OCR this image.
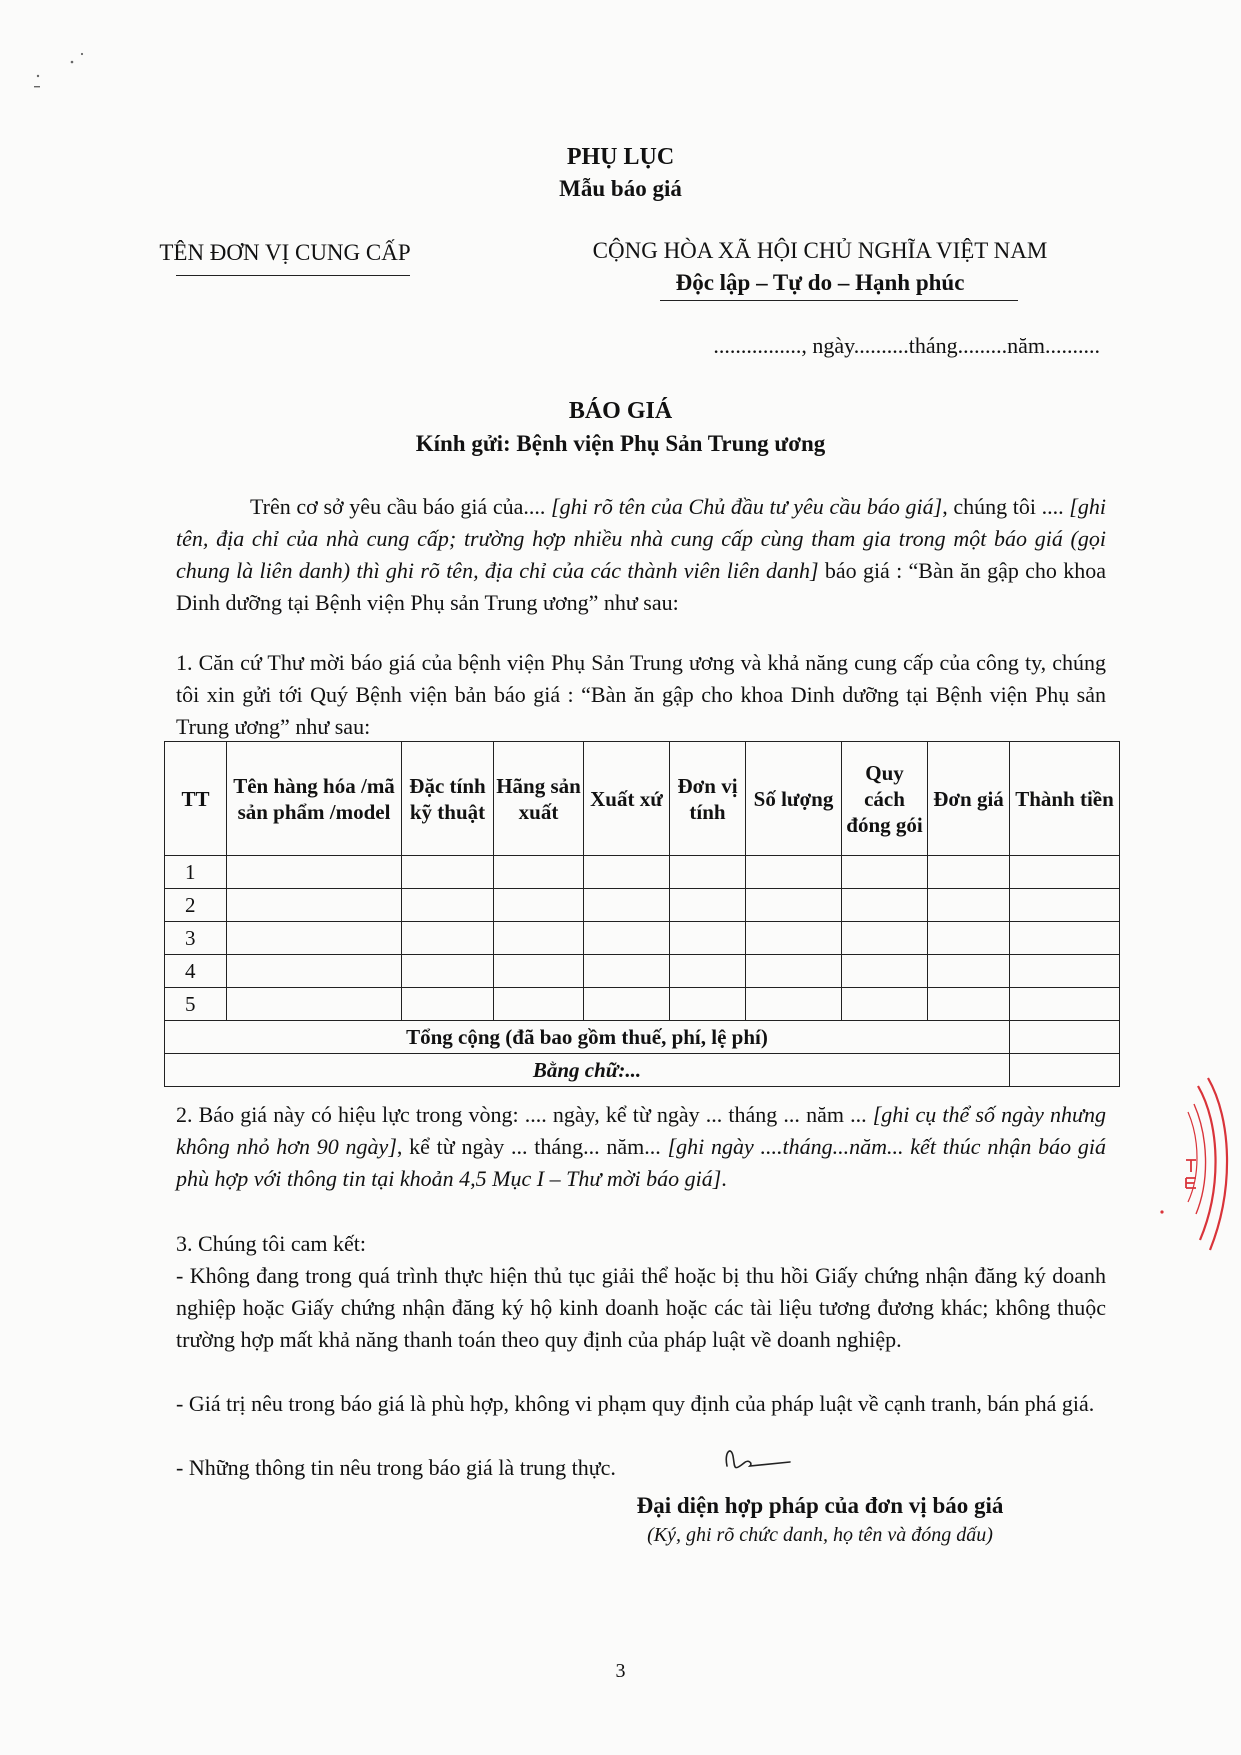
PHỤ LỤC
Mẫu báo giá
TÊN ĐƠN VỊ CUNG CẤP	CỘNG HÒA XÃ HỘI CHỦ NGHĨA VIỆT NAM
Độc lập – Tự do – Hạnh phúc
................, ngày..........tháng.........năm..........
BÁO GIÁ
Kính gửi: Bệnh viện Phụ Sản Trung ương
Trên cơ sở yêu cầu báo giá của.... [ghi rõ tên của Chủ đầu tư yêu cầu báo giá], chúng tôi .... [ghi tên, địa chỉ của nhà cung cấp; trường hợp nhiều nhà cung cấp cùng tham gia trong một báo giá (gọi chung là liên danh) thì ghi rõ tên, địa chỉ của các thành viên liên danh] báo giá : “Bàn ăn gập cho khoa Dinh dưỡng tại Bệnh viện Phụ sản Trung ương” như sau:
1. Căn cứ Thư mời báo giá của bệnh viện Phụ Sản Trung ương và khả năng cung cấp của công ty, chúng tôi xin gửi tới Quý Bệnh viện bản báo giá : “Bàn ăn gập cho khoa Dinh dưỡng tại Bệnh viện Phụ sản Trung ương” như sau:
TT	Tên hàng hóa /mã sản phẩm /model	Đặc tính kỹ thuật	Hãng sản xuất	Xuất xứ	Đơn vị tính	Số lượng	Quy cách đóng gói	Đơn giá	Thành tiền
1									
2									
3									
4									
5									
Tổng cộng (đã bao gồm thuế, phí, lệ phí)									
Bằng chữ:...									
2. Báo giá này có hiệu lực trong vòng: .... ngày, kể từ ngày ... tháng ... năm ... [ghi cụ thể số ngày nhưng không nhỏ hơn 90 ngày], kể từ ngày ... tháng... năm... [ghi ngày ....tháng...năm... kết thúc nhận báo giá phù hợp với thông tin tại khoản 4,5 Mục I – Thư mời báo giá].
3. Chúng tôi cam kết:
- Không đang trong quá trình thực hiện thủ tục giải thể hoặc bị thu hồi Giấy chứng nhận đăng ký doanh nghiệp hoặc Giấy chứng nhận đăng ký hộ kinh doanh hoặc các tài liệu tương đương khác; không thuộc trường hợp mất khả năng thanh toán theo quy định của pháp luật về doanh nghiệp.
- Giá trị nêu trong báo giá là phù hợp, không vi phạm quy định của pháp luật về cạnh tranh, bán phá giá.
- Những thông tin nêu trong báo giá là trung thực.
Đại diện hợp pháp của đơn vị báo giá
(Ký, ghi rõ chức danh, họ tên và đóng dấu)
3
